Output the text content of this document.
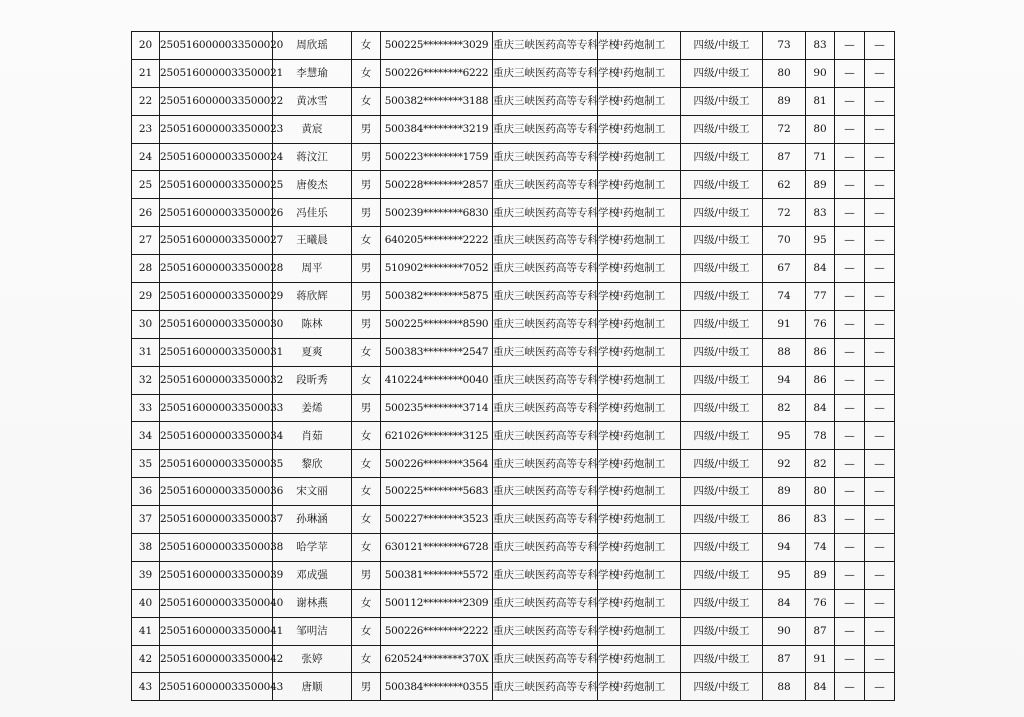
20	250516000003350002​0	周欣瑶	女	500225********3029	重庆三峡医药高等专科学校	中药炮制工	四级/中级工	73	83	—	—
21	2505160000033500021	李慧瑜	女	500226********6222	重庆三峡医药高等专科学校	中药炮制工	四级/中级工	80	90	—	—
22	2505160000033500022	黄冰雪	女	500382********3188	重庆三峡医药高等专科学校	中药炮制工	四级/中级工	89	81	—	—
23	2505160000033500023	黄宸	男	500384********3219	重庆三峡医药高等专科学校	中药炮制工	四级/中级工	72	80	—	—
24	2505160000033500024	蒋汶江	男	500223********1759	重庆三峡医药高等专科学校	中药炮制工	四级/中级工	87	71	—	—
25	2505160000033500025	唐俊杰	男	500228********2857	重庆三峡医药高等专科学校	中药炮制工	四级/中级工	62	89	—	—
26	2505160000033500026	冯佳乐	男	500239********6830	重庆三峡医药高等专科学校	中药炮制工	四级/中级工	72	83	—	—
27	2505160000033500027	王曦晨	女	640205********2222	重庆三峡医药高等专科学校	中药炮制工	四级/中级工	70	95	—	—
28	2505160000033500028	周平	男	510902********7052	重庆三峡医药高等专科学校	中药炮制工	四级/中级工	67	84	—	—
29	2505160000033500029	蒋欣辉	男	500382********5875	重庆三峡医药高等专科学校	中药炮制工	四级/中级工	74	77	—	—
30	2505160000033500030	陈林	男	500225********8590	重庆三峡医药高等专科学校	中药炮制工	四级/中级工	91	76	—	—
31	2505160000033500031	夏爽	女	500383********2547	重庆三峡医药高等专科学校	中药炮制工	四级/中级工	88	86	—	—
32	2505160000033500032	段昕秀	女	410224********0040	重庆三峡医药高等专科学校	中药炮制工	四级/中级工	94	86	—	—
33	2505160000033500033	姜烯	男	500235********3714	重庆三峡医药高等专科学校	中药炮制工	四级/中级工	82	84	—	—
34	2505160000033500034	肖茹	女	621026********3125	重庆三峡医药高等专科学校	中药炮制工	四级/中级工	95	78	—	—
35	2505160000033500035	黎欣	女	500226********3564	重庆三峡医药高等专科学校	中药炮制工	四级/中级工	92	82	—	—
36	2505160000033500036	宋文丽	女	500225********5683	重庆三峡医药高等专科学校	中药炮制工	四级/中级工	89	80	—	—
37	2505160000033500037	孙琳涵	女	500227********3523	重庆三峡医药高等专科学校	中药炮制工	四级/中级工	86	83	—	—
38	2505160000033500038	哈学苹	女	630121********6728	重庆三峡医药高等专科学校	中药炮制工	四级/中级工	94	74	—	—
39	2505160000033500039	邓成强	男	500381********5572	重庆三峡医药高等专科学校	中药炮制工	四级/中级工	95	89	—	—
40	2505160000033500040	谢林燕	女	500112********2309	重庆三峡医药高等专科学校	中药炮制工	四级/中级工	84	76	—	—
41	2505160000033500041	邹明洁	女	500226********2222	重庆三峡医药高等专科学校	中药炮制工	四级/中级工	90	87	—	—
42	2505160000033500042	张婷	女	620524********370X	重庆三峡医药高等专科学校	中药炮制工	四级/中级工	87	91	—	—
43	2505160000033500043	唐顺	男	500384********0355	重庆三峡医药高等专科学校	中药炮制工	四级/中级工	88	84	—	—
